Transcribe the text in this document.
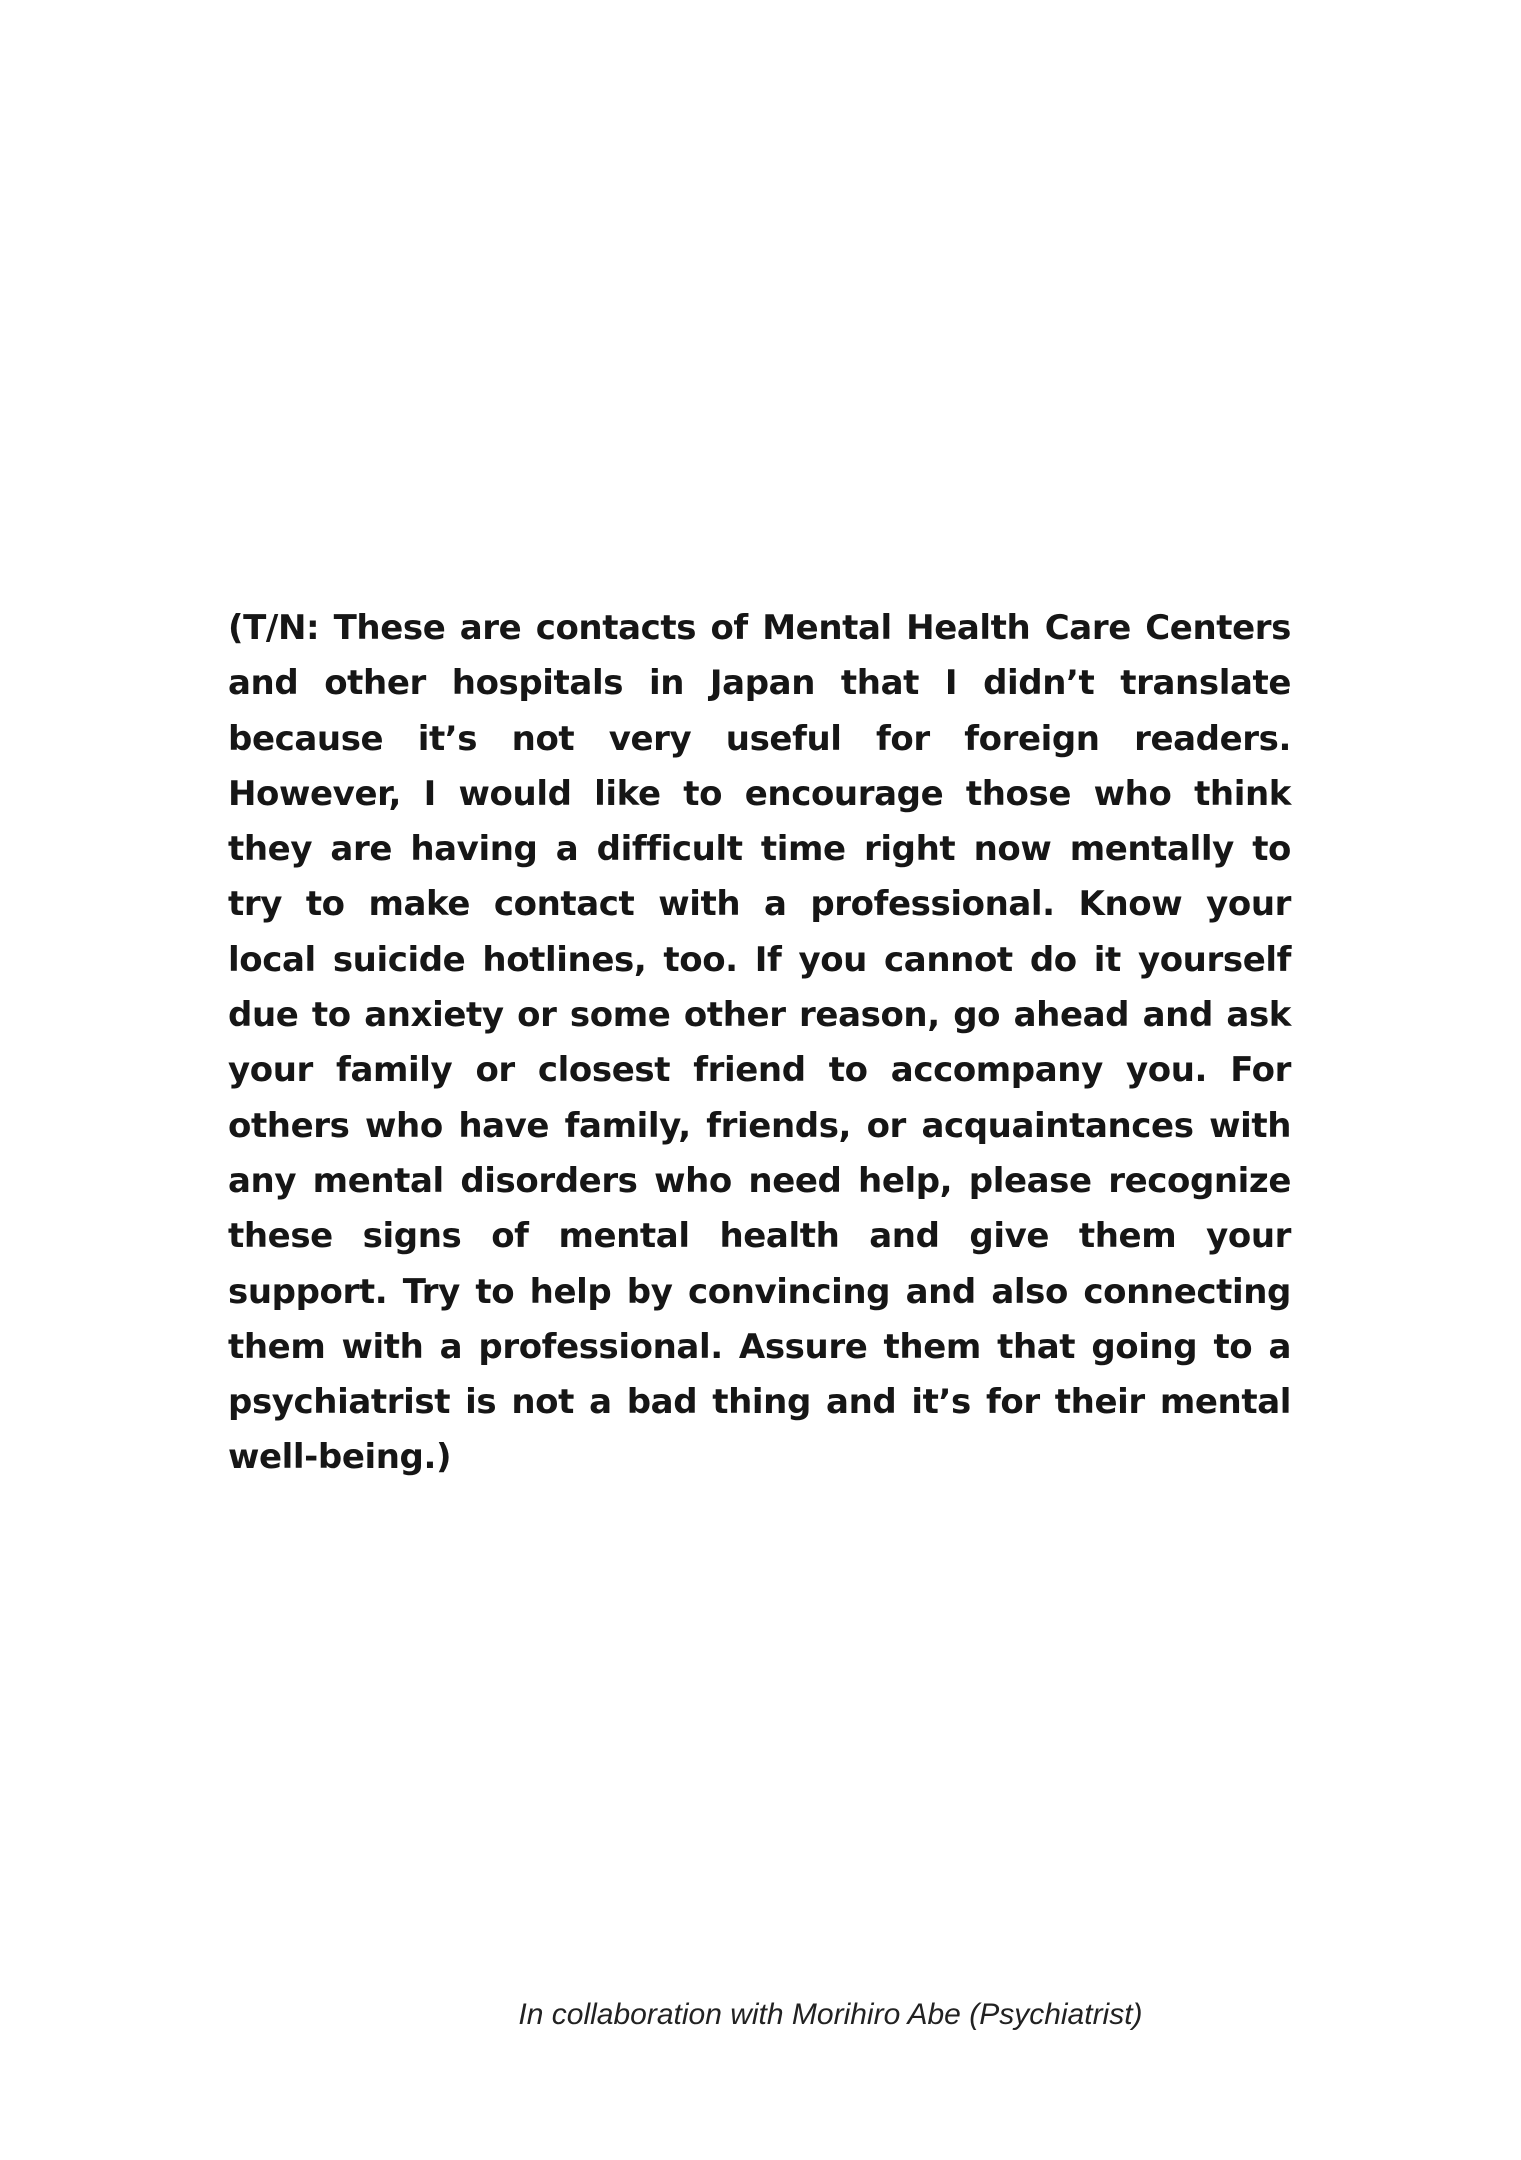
(T/N: These are contacts of Mental Health Care Centers and other hospitals in Japan that I didn’t translate because it’s not very useful for foreign readers. However, I would like to encourage those who think they are having a difficult time right now mentally to try to make contact with a professional. Know your local suicide hotlines, too. If you cannot do it yourself due to anxiety or some other reason, go ahead and ask your family or closest friend to accompany you. For others who have family, friends, or acquaintances with any mental disorders who need help, please recognize these signs of mental health and give them your support. Try to help by convincing and also connecting them with a professional. Assure them that going to a psychiatrist is not a bad thing and it’s for their mental well-being.)

In collaboration with Morihiro Abe (Psychiatrist)
